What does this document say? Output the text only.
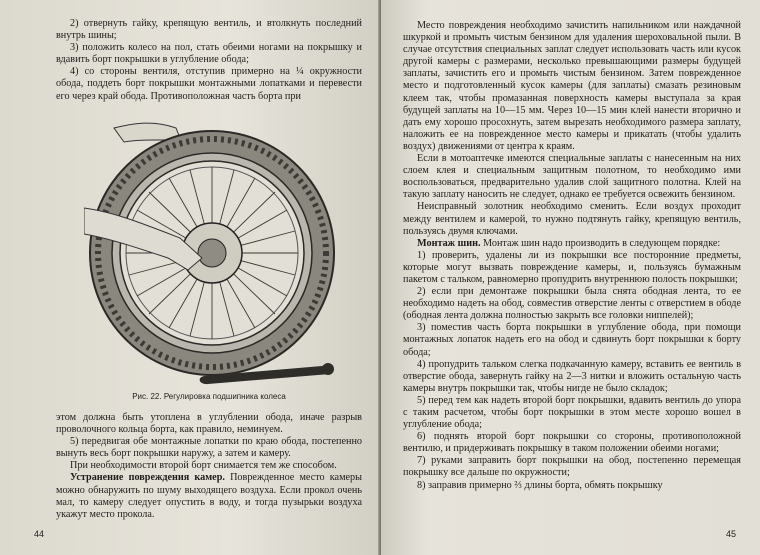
2) отвернуть гайку, крепящую вентиль, и втолкнуть последний внутрь шины;

3) положить колесо на пол, стать обеими ногами на покрышку и вдавить борт покрышки в углубление обода;

4) со стороны вентиля, отступив примерно на ¼ окружности обода, поддеть борт покрышки монтажными лопатками и перевести его через край обода. Противоположная часть борта при

Рис. 22. Регулировка подшипника колеса

этом должна быть утоплена в углублении обода, иначе разрыв проволочного кольца борта, как правило, неминуем.

5) передвигая обе монтажные лопатки по краю обода, постепенно вынуть весь борт покрышки наружу, а затем и камеру.

При необходимости второй борт снимается тем же способом.

Устранение повреждения камер. Поврежденное место камеры можно обнаружить по шуму выходящего воздуха. Если прокол очень мал, то камеру следует опустить в воду, и тогда пузырьки воздуха укажут место прокола.

44

Место повреждения необходимо зачистить напильником или наждачной шкуркой и промыть чистым бензином для удаления шероховальной пыли. В случае отсутствия специальных заплат следует использовать часть или кусок другой камеры с размерами, несколько превышающими размеры будущей заплаты, зачистить его и промыть чистым бензином. Затем поврежденное место и подготовленный кусок камеры (для заплаты) смазать резиновым клеем так, чтобы промазанная поверхность камеры выступала за края будущей заплаты на 10—15 мм. Через 10—15 мин клей нанести вторично и дать ему хорошо просохнуть, затем вырезать необходимого размера заплату, наложить ее на поврежденное место камеры и прикатать (чтобы удалить воздух) движениями от центра к краям.

Если в мотоаптечке имеются специальные заплаты с нанесенным на них слоем клея и специальным защитным полотном, то необходимо ими воспользоваться, предварительно удалив слой защитного полотна. Клей на такую заплату наносить не следует, однако ее требуется освежить бензином.

Неисправный золотник необходимо сменить. Если воздух проходит между вентилем и камерой, то нужно подтянуть гайку, крепящую вентиль, пользуясь двумя ключами.

Монтаж шин. Монтаж шин надо производить в следующем порядке:

1) проверить, удалены ли из покрышки все посторонние предметы, которые могут вызвать повреждение камеры, и, пользуясь бумажным пакетом с тальком, равномерно пропудрить внутреннюю полость покрышки;

2) если при демонтаже покрышки была снята ободная лента, то ее необходимо надеть на обод, совместив отверстие ленты с отверстием в ободе (ободная лента должна полностью закрыть все головки ниппелей);

3) поместив часть борта покрышки в углубление обода, при помощи монтажных лопаток надеть его на обод и сдвинуть борт покрышки к борту обода;

4) пропудрить тальком слегка подкачанную камеру, вставить ее вентиль в отверстие обода, завернуть гайку на 2—3 нитки и вложить остальную часть камеры внутрь покрышки так, чтобы нигде не было складок;

5) перед тем как надеть второй борт покрышки, вдавить вентиль до упора с таким расчетом, чтобы борт покрышки в этом месте хорошо вошел в углубление обода;

6) поднять второй борт покрышки со стороны, противоположной вентилю, и придерживать покрышку в таком положении обеими ногами;

7) руками заправить борт покрышки на обод, постепенно перемещая покрышку все дальше по окружности;

8) заправив примерно ⅔ длины борта, обмять покрышку

45
